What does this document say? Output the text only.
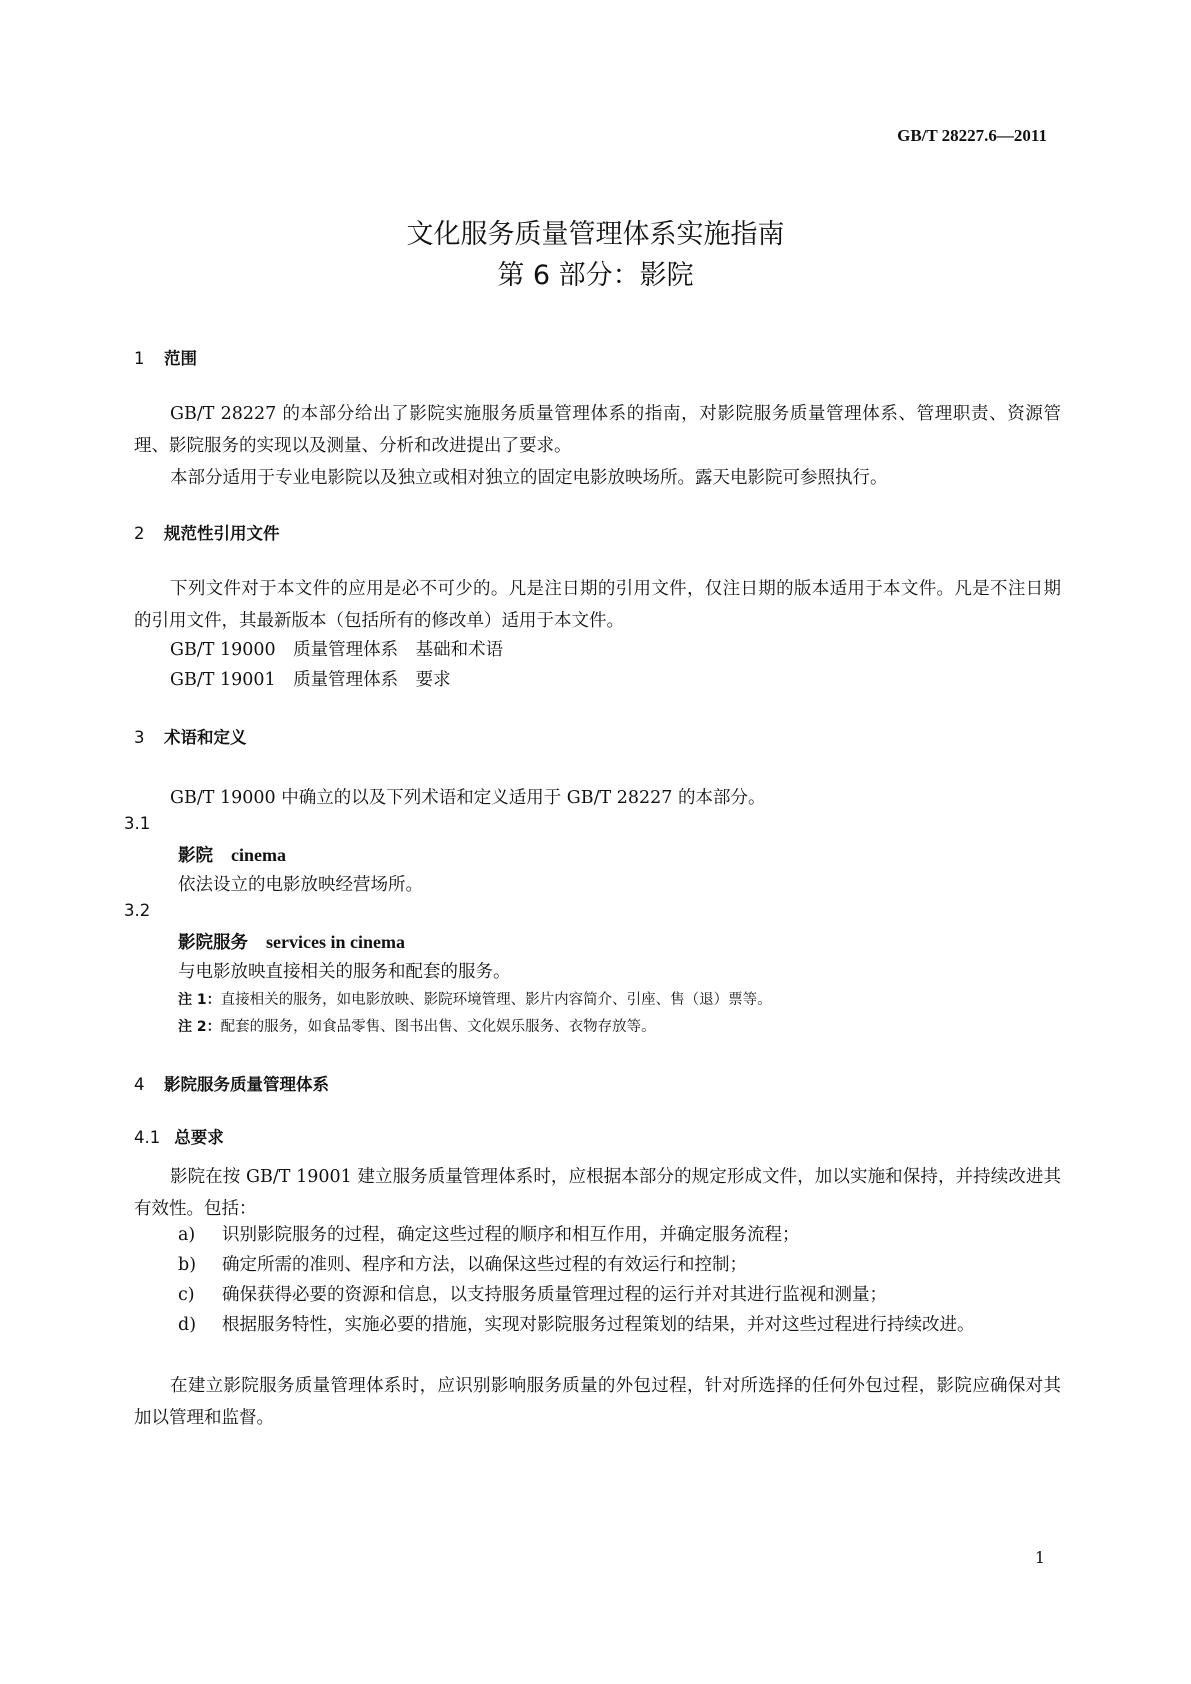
GB/T 28227.6—2011
文化服务质量管理体系实施指南
第 6 部分：影院
1 范围

GB/T 28227 的本部分给出了影院实施服务质量管理体系的指南，对影院服务质量管理体系、管理职责、资源管理、影院服务的实现以及测量、分析和改进提出了要求。

本部分适用于专业电影院以及独立或相对独立的固定电影放映场所。露天电影院可参照执行。

2 规范性引用文件

下列文件对于本文件的应用是必不可少的。凡是注日期的引用文件，仅注日期的版本适用于本文件。凡是不注日期的引用文件，其最新版本（包括所有的修改单）适用于本文件。

GB/T 19000　质量管理体系　基础和术语
GB/T 19001　质量管理体系　要求
3 术语和定义
GB/T 19000 中确立的以及下列术语和定义适用于 GB/T 28227 的本部分。
3.1
影院 cinema
依法设立的电影放映经营场所。
3.2
影院服务 services in cinema
与电影放映直接相关的服务和配套的服务。
注 1：直接相关的服务，如电影放映、影院环境管理、影片内容简介、引座、售（退）票等。
注 2：配套的服务，如食品零售、图书出售、文化娱乐服务、衣物存放等。
4 影院服务质量管理体系
4.1 总要求

影院在按 GB/T 19001 建立服务质量管理体系时，应根据本部分的规定形成文件，加以实施和保持，并持续改进其有效性。包括：

a) 识别影院服务的过程，确定这些过程的顺序和相互作用，并确定服务流程；
b) 确定所需的准则、程序和方法，以确保这些过程的有效运行和控制；
c) 确保获得必要的资源和信息，以支持服务质量管理过程的运行并对其进行监视和测量；
d) 根据服务特性，实施必要的措施，实现对影院服务过程策划的结果，并对这些过程进行持续改进。

在建立影院服务质量管理体系时，应识别影响服务质量的外包过程，针对所选择的任何外包过程，影院应确保对其加以管理和监督。

1
